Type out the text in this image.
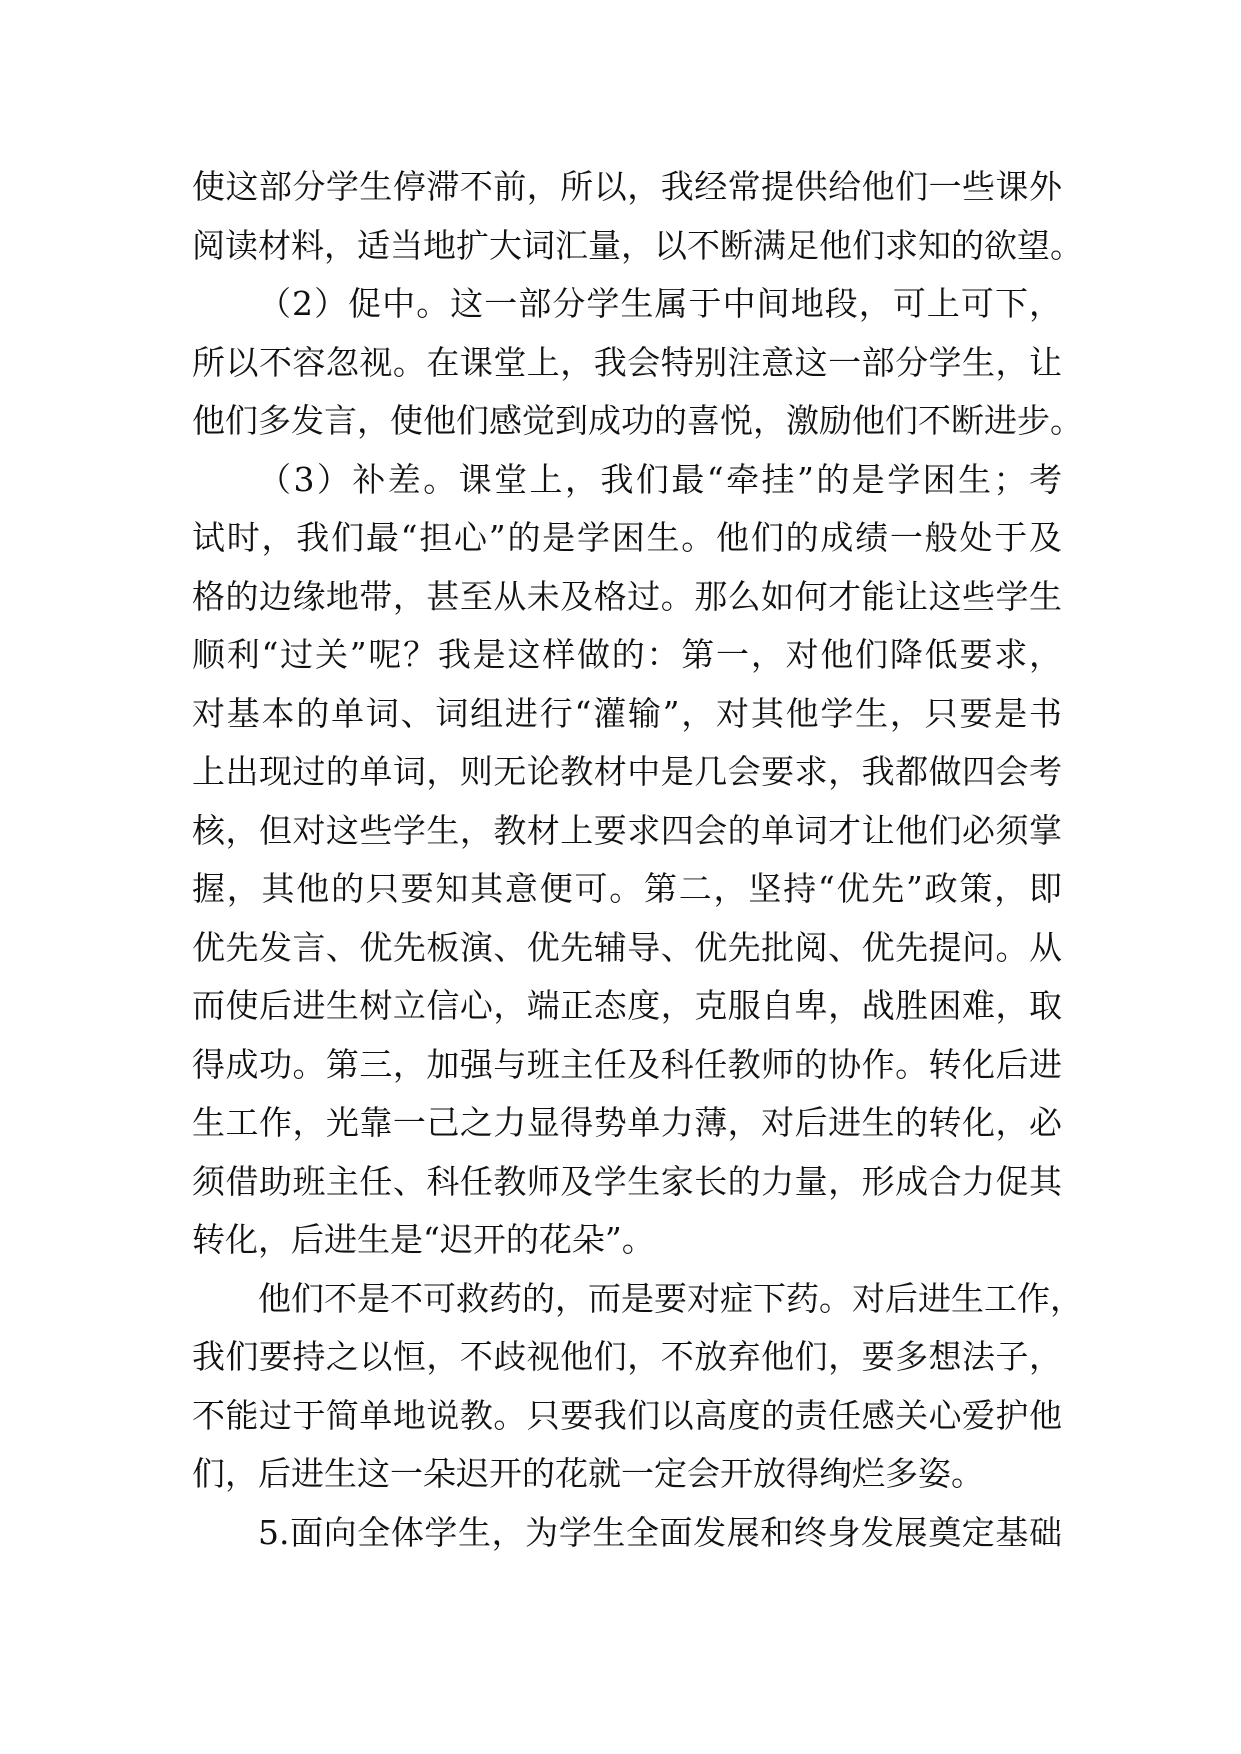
使这部分学生停滞不前，所以，我经常提供给他们一些课外
阅读材料，适当地扩大词汇量，以不断满足他们求知的欲望。
（2）促中。这一部分学生属于中间地段，可上可下，
所以不容忽视。在课堂上，我会特别注意这一部分学生，让
他们多发言，使他们感觉到成功的喜悦，激励他们不断进步。
（3）补差。课堂上，我们最“牵挂”的是学困生；考
试时，我们最“担心”的是学困生。他们的成绩一般处于及
格的边缘地带，甚至从未及格过。那么如何才能让这些学生
顺利“过关”呢？我是这样做的：第一，对他们降低要求，
对基本的单词、词组进行“灌输”，对其他学生，只要是书
上出现过的单词，则无论教材中是几会要求，我都做四会考
核，但对这些学生，教材上要求四会的单词才让他们必须掌
握，其他的只要知其意便可。第二，坚持“优先”政策，即
优先发言、优先板演、优先辅导、优先批阅、优先提问。从
而使后进生树立信心，端正态度，克服自卑，战胜困难，取
得成功。第三，加强与班主任及科任教师的协作。转化后进
生工作，光靠一己之力显得势单力薄，对后进生的转化，必
须借助班主任、科任教师及学生家长的力量，形成合力促其
转化，后进生是“迟开的花朵”。
他们不是不可救药的，而是要对症下药。对后进生工作，
我们要持之以恒，不歧视他们，不放弃他们，要多想法子，
不能过于简单地说教。只要我们以高度的责任感关心爱护他
们，后进生这一朵迟开的花就一定会开放得绚烂多姿。
5.面向全体学生，为学生全面发展和终身发展奠定基础
